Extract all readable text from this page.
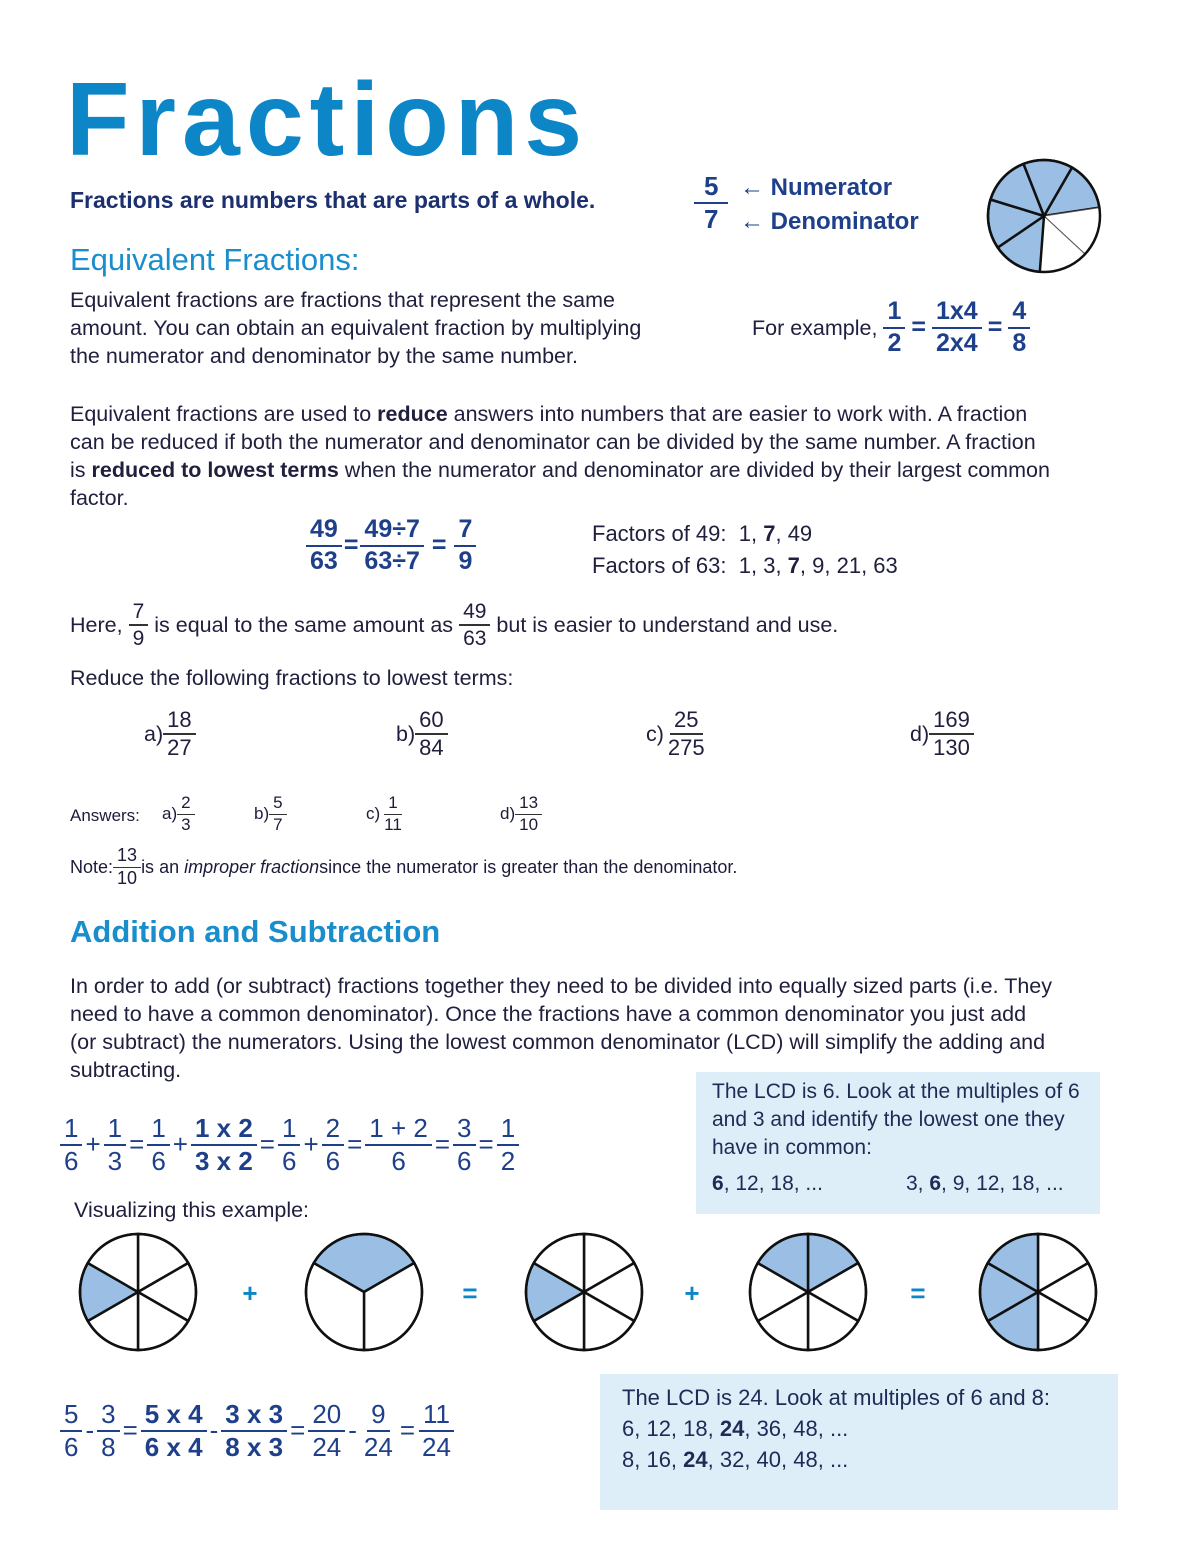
Fractions
Fractions are numbers that are parts of a whole.	$\frac{5}{7}$ ← Numerator
← Denominator
Equivalent Fractions:
Equivalent fractions are fractions that represent the same
amount. You can obtain an equivalent fraction by multiplying
the numerator and denominator by the same number.
For example, $\frac{1}{2} = \frac{1x4}{2x4} = \frac{4}{8}$
Equivalent fractions are used to reduce answers into numbers that are easier to work with. A fraction
can be reduced if both the numerator and denominator can be divided by the same number. A fraction
is reduced to lowest terms when the numerator and denominator are divided by their largest common
factor.
$\frac{49}{63} = \frac{49\div 7}{63\div 7} = \frac{7}{9}$	Factors of 49: 1, 7, 49
Factors of 63: 1, 3, 7, 9, 21, 63
Here, $\frac{7}{9}$ is equal to the same amount as $\frac{49}{63}$ but is easier to understand and use.
Reduce the following fractions to lowest terms:
$a) \frac{18}{27}$	$b) \frac{60}{84}$	$c) \frac{25}{275}$	$d) \frac{169}{130}$
Answers: $a) \frac{2}{3}$	$b) \frac{5}{7}$	$c) \frac{1}{11}$	$d) \frac{13}{10}$
Note: $\frac{13}{10}$ is an
improper fraction since the numerator is greater than the denominator.
Addition and Subtraction
In order to add (or subtract) fractions together they need to be divided into equally sized parts (i.e. They
need to have a common denominator). Once the fractions have a common denominator you just add
(or subtract) the numerators. Using the lowest common denominator (LCD) will simplify the adding and
subtracting.
The LCD is 6. Look at the multiples of 6
and 3 and identify the lowest one they
have in common:
6, 12, 18, ...	3, 6, 9, 12, 18, ...
$\frac{1}{6} + \frac{1}{3} = \frac{1}{6} + \frac{1 x 2}{3 x 2} = \frac{1}{6} + \frac{2}{6} = \frac{1 + 2}{6} = \frac{3}{6} = \frac{1}{2}$
Visualizing this example:
+	=	+	=
$\frac{5}{6} - \frac{3}{8} = \frac{5 x 4}{6 x 4} - \frac{3 x 3}{8 x 3} = \frac{20}{24} - \frac{9}{24} = \frac{11}{24}$
The LCD is 24. Look at multiples of 6 and 8:
6, 12, 18, 24, 36, 48, ...
8, 16, 24, 32, 40, 48, ...
